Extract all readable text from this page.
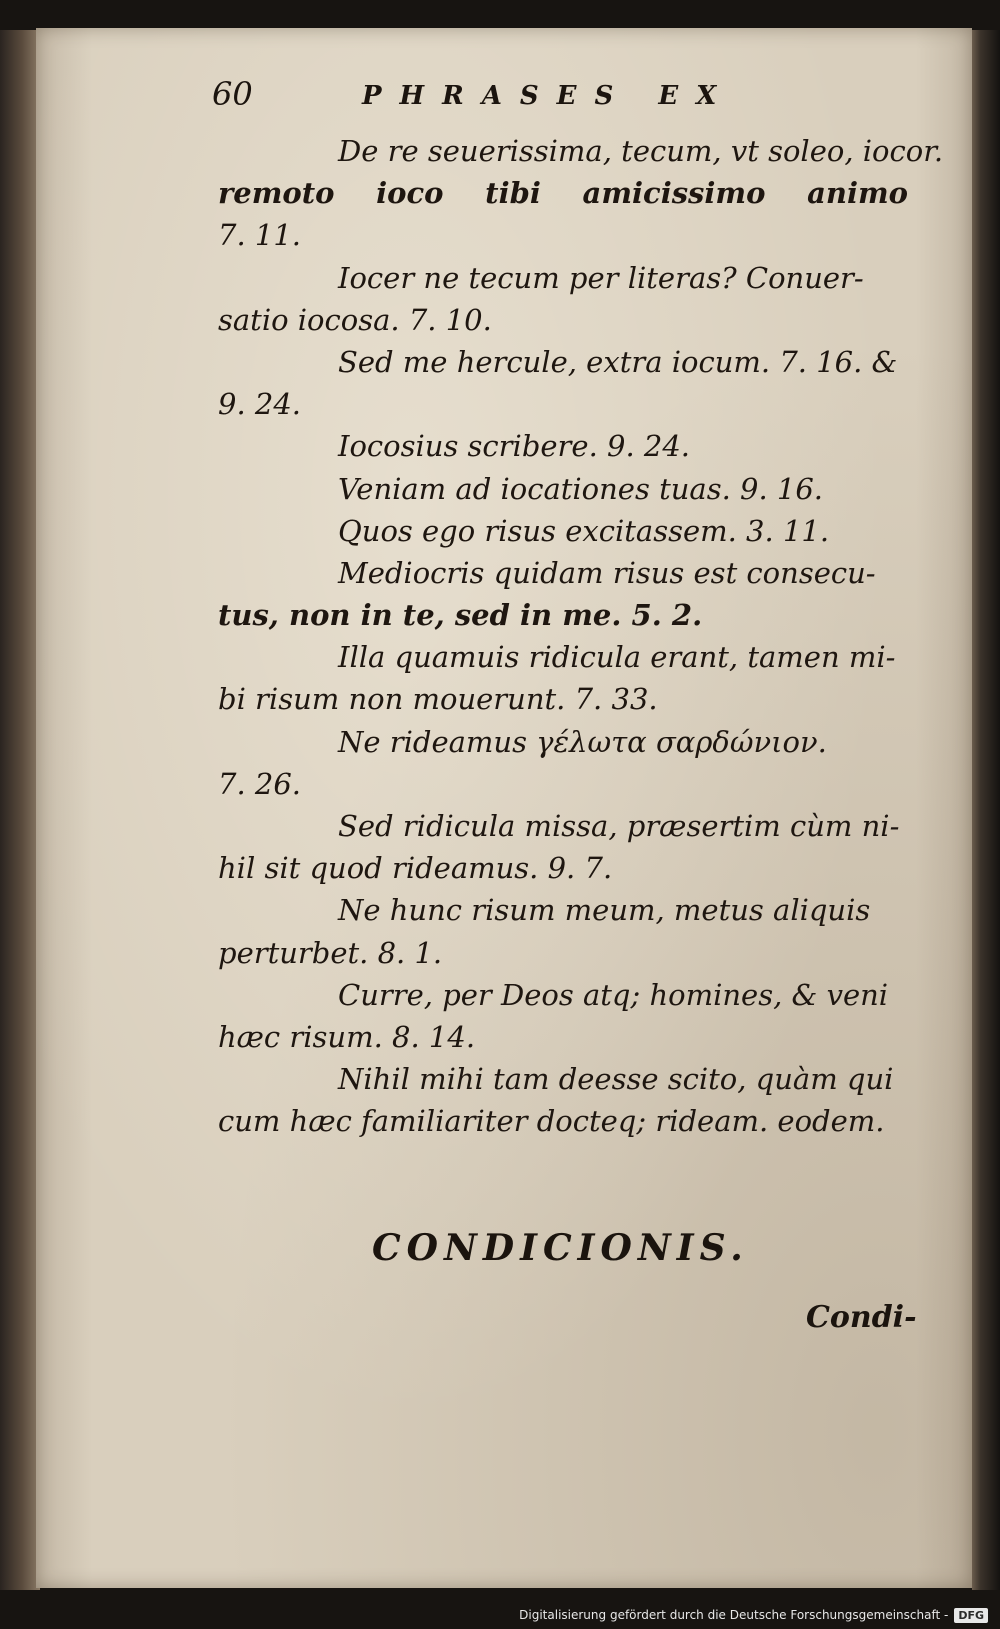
60	PHRASES EX
De re seuerissima, tecum, vt soleo, iocor.
remoto ioco tibi amicissimo animo
7. 11.
Iocer ne tecum per literas? Conuer-
satio iocosa. 7. 10.
Sed me hercule, extra iocum. 7. 16. &
9. 24.
Iocosius scribere. 9. 24.
Veniam ad iocationes tuas. 9. 16.
Quos ego risus excitassem. 3. 11.
Mediocris quidam risus est consecu-
tus, non in te, sed in me. 5. 2.
Illa quamuis ridicula erant, tamen mi-
bi risum non mouerunt. 7. 33.
Ne rideamus γέλωτα σαρδώνιον.
7. 26.
Sed ridicula missa, præsertim cùm ni-
hil sit quod rideamus. 9. 7.
Ne hunc risum meum, metus aliquis
perturbet. 8. 1.
Curre, per Deos atq; homines, & veni
hæc risum. 8. 14.
Nihil mihi tam deesse scito, quàm qui
cum hæc familiariter docteq; rideam. eodem.
CONDICIONIS.
Condi-
Digitalisierung gefördert durch die Deutsche Forschungsgemeinschaft - DFG
